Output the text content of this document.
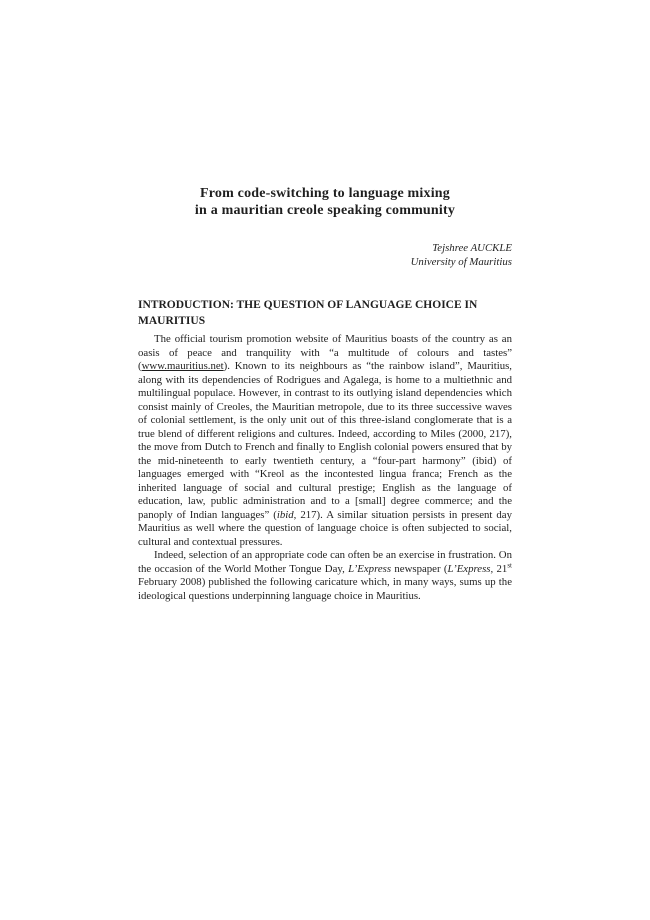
From code-switching to language mixing
in a mauritian creole speaking community
Tejshree AUCKLE
University of Mauritius
INTRODUCTION: THE QUESTION OF LANGUAGE CHOICE IN MAURITIUS

The official tourism promotion website of Mauritius boasts of the country as an oasis of peace and tranquility with “a multitude of colours and tastes” (www.mauritius.net). Known to its neighbours as “the rainbow island”, Mauritius, along with its dependencies of Rodrigues and Agalega, is home to a multiethnic and multilingual populace. However, in contrast to its outlying island dependencies which consist mainly of Creoles, the Mauritian metropole, due to its three successive waves of colonial settlement, is the only unit out of this three-island conglomerate that is a true blend of different religions and cultures. Indeed, according to Miles (2000, 217), the move from Dutch to French and finally to English colonial powers ensured that by the mid-nineteenth to early twentieth century, a “four-part harmony” (ibid) of languages emerged with “Kreol as the incontested lingua franca; French as the inherited language of social and cultural prestige; English as the language of education, law, public administration and to a [small] degree commerce; and the panoply of Indian languages” (ibid, 217). A similar situation persists in present day Mauritius as well where the question of language choice is often subjected to social, cultural and contextual pressures.

Indeed, selection of an appropriate code can often be an exercise in frustration. On the occasion of the World Mother Tongue Day, L’Express newspaper (L’Express, 21st February 2008) published the following caricature which, in many ways, sums up the ideological questions underpinning language choice in Mauritius.
